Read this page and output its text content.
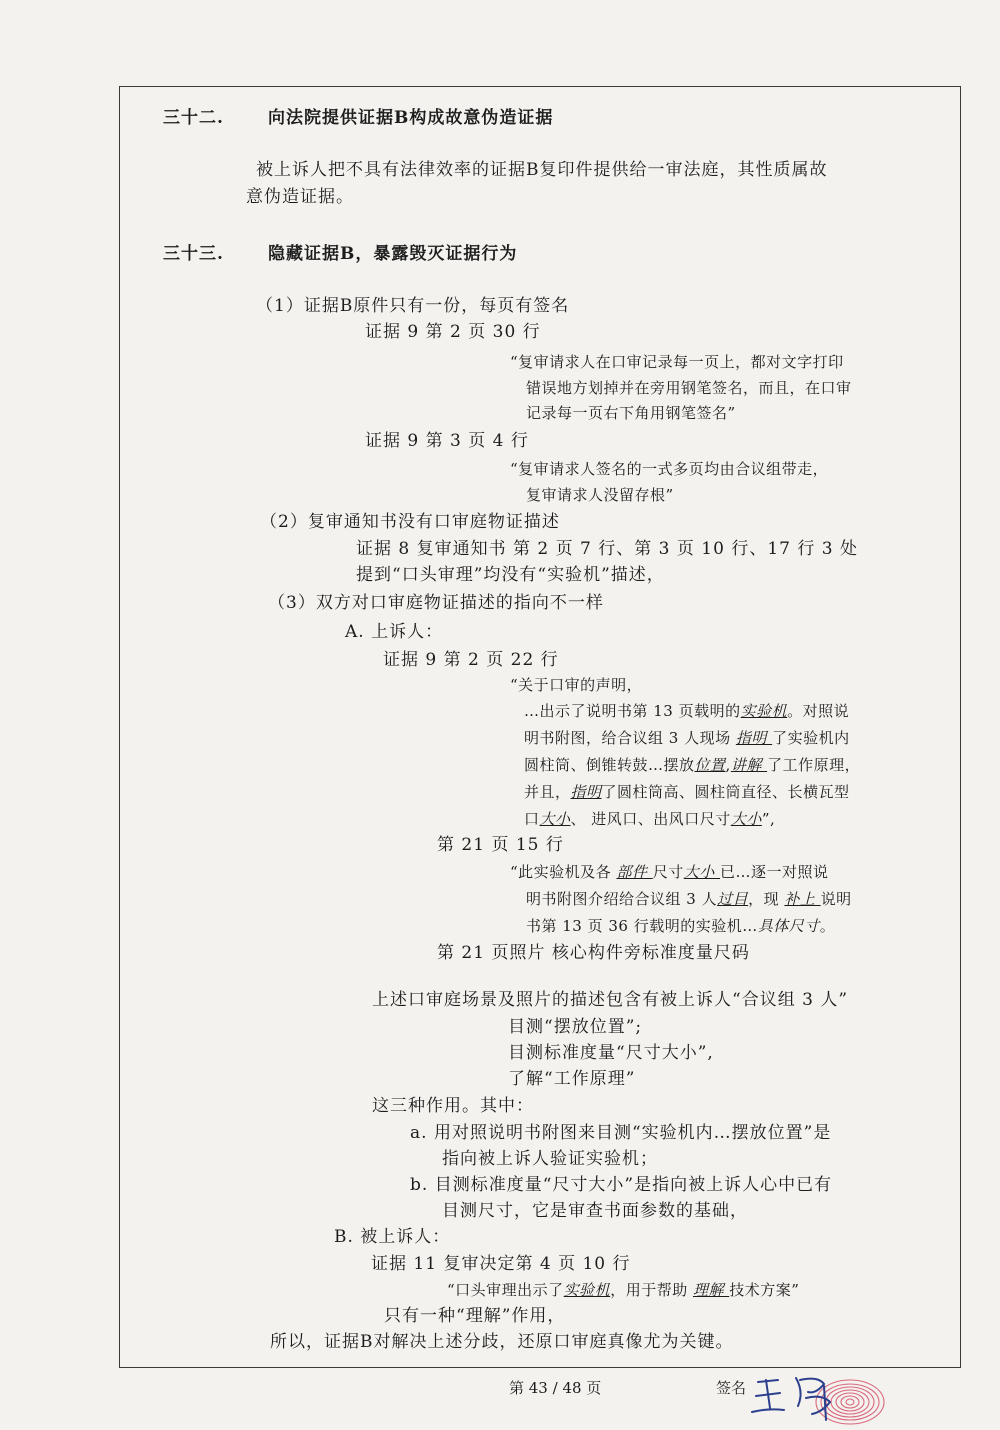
三十二.	向法院提供证据B构成故意伪造证据
被上诉人把不具有法律效率的证据B复印件提供给一审法庭，其性质属故
意伪造证据。
三十三.	隐藏证据B，暴露毁灭证据行为
（1）证据B原件只有一份，每页有签名
证据 9 第 2 页 30 行
“复审请求人在口审记录每一页上，都对文字打印
错误地方划掉并在旁用钢笔签名，而且，在口审
记录每一页右下角用钢笔签名”
证据 9 第 3 页 4 行
“复审请求人签名的一式多页均由合议组带走，
复审请求人没留存根”
（2）复审通知书没有口审庭物证描述
证据 8 复审通知书 第 2 页 7 行、第 3 页 10 行、17 行 3 处
提到“口头审理”均没有“实验机”描述，
（3）双方对口审庭物证描述的指向不一样
A. 上诉人：
证据 9 第 2 页 22 行
“关于口审的声明，
…出示了说明书第 13 页载明的实验机。对照说
明书附图，给合议组 3 人现场 指明 了实验机内
圆柱筒、倒锥转鼓…摆放位置,讲解 了工作原理，
并且，指明了圆柱筒高、圆柱筒直径、长横瓦型
口大小、 进风口、出风口尺寸大小”,
第 21 页 15 行
“此实验机及各 部件 尺寸大小 已…逐一对照说
明书附图介绍给合议组 3 人过目，现 补上 说明
书第 13 页 36 行载明的实验机…具体尺寸。
第 21 页照片 核心构件旁标准度量尺码
上述口审庭场景及照片的描述包含有被上诉人“合议组 3 人”
目测“摆放位置”;
目测标准度量“尺寸大小”,
了解“工作原理”
这三种作用。其中：
a. 用对照说明书附图来目测“实验机内…摆放位置”是
指向被上诉人验证实验机；
b. 目测标准度量“尺寸大小”是指向被上诉人心中已有
目测尺寸，它是审查书面参数的基础，
B. 被上诉人：
证据 11 复审决定第 4 页 10 行
“口头审理出示了实验机，用于帮助 理解 技术方案”
只有一种“理解”作用，
所以，证据B对解决上述分歧，还原口审庭真像尤为关键。
第 43 / 48 页	签名
